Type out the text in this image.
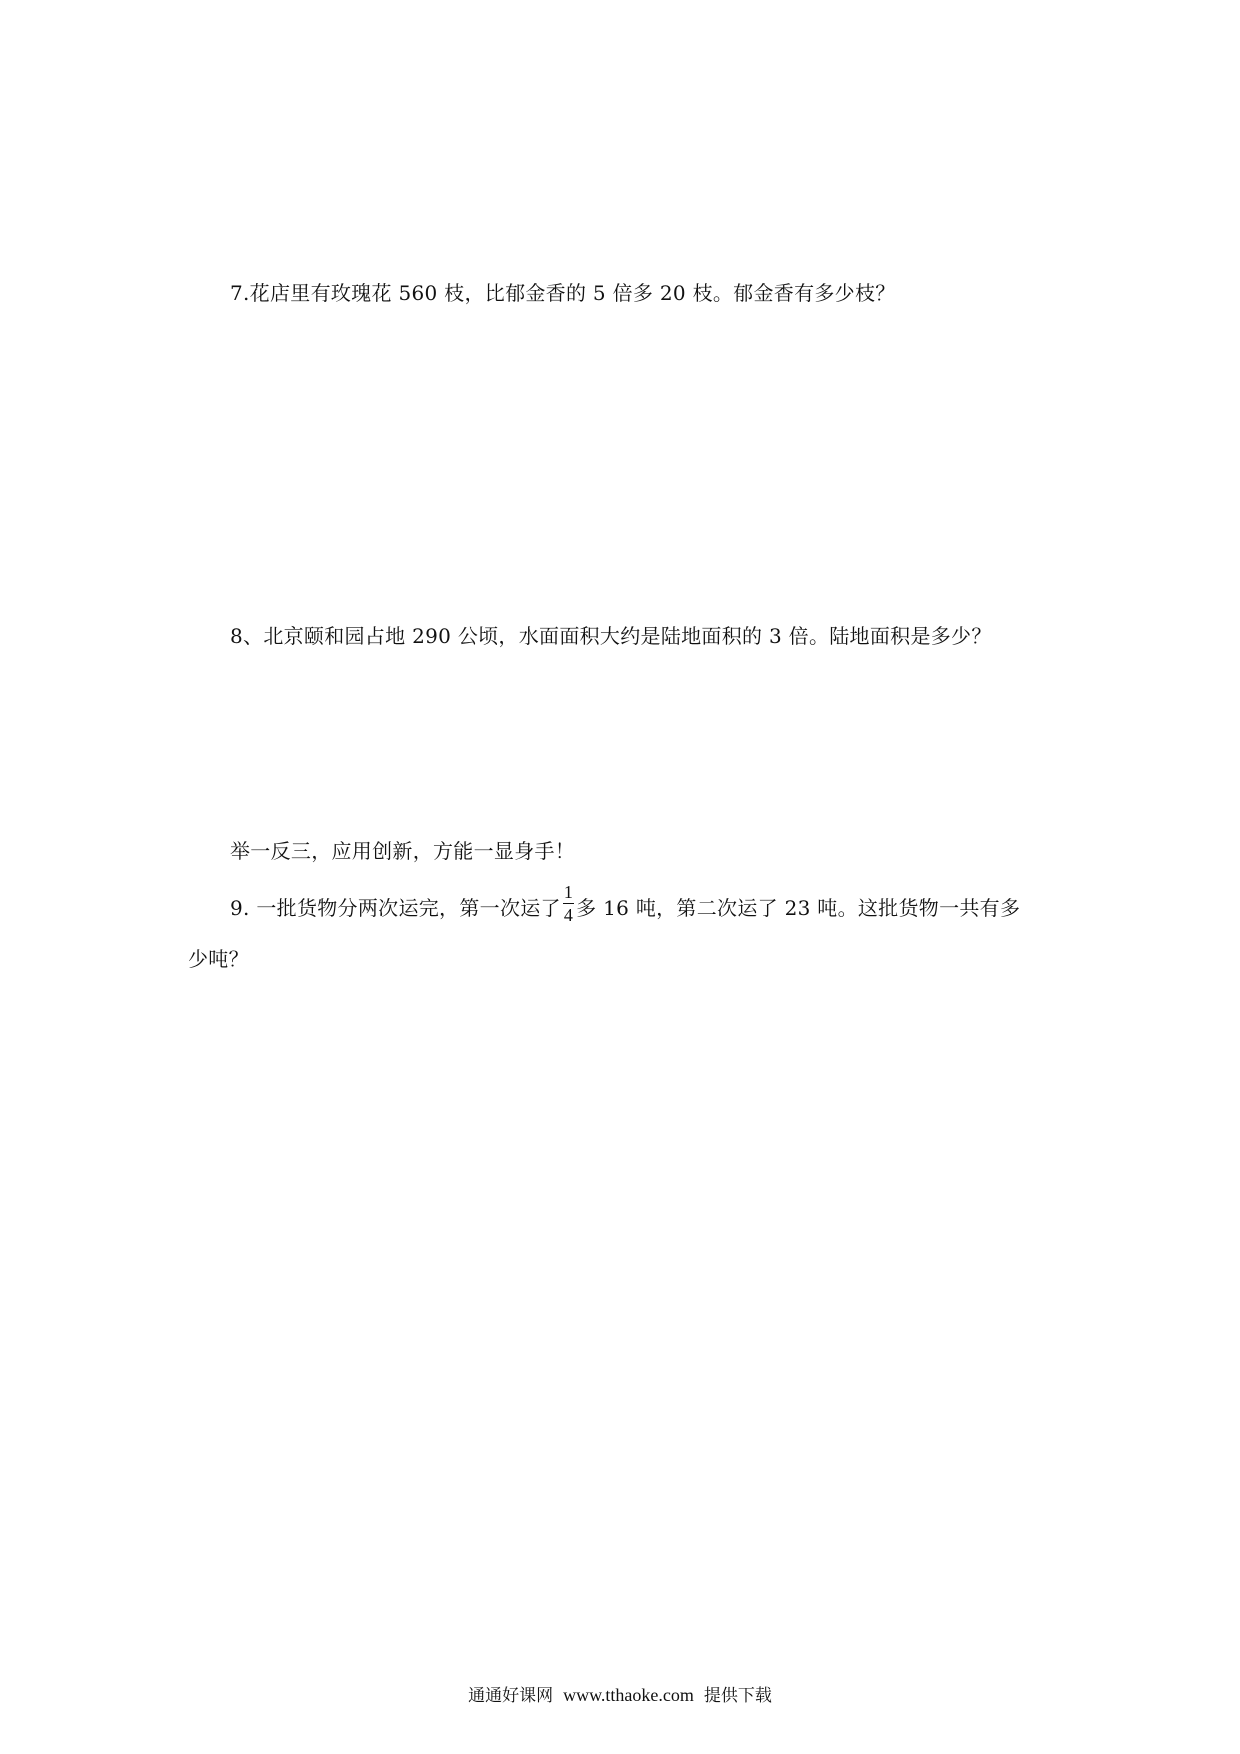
7.花店里有玫瑰花 560 枝，比郁金香的 5 倍多 20 枝。郁金香有多少枝？
8、北京颐和园占地 290 公顷，水面面积大约是陆地面积的 3 倍。陆地面积是多少？
举一反三，应用创新，方能一显身手！
9. 一批货物分两次运完，第一次运了 $\frac{1}{4}$ 多 16 吨，第二次运了 23 吨。这批货物一共有多
少吨？
通通好课网 www.tthaoke.com 提供下载
